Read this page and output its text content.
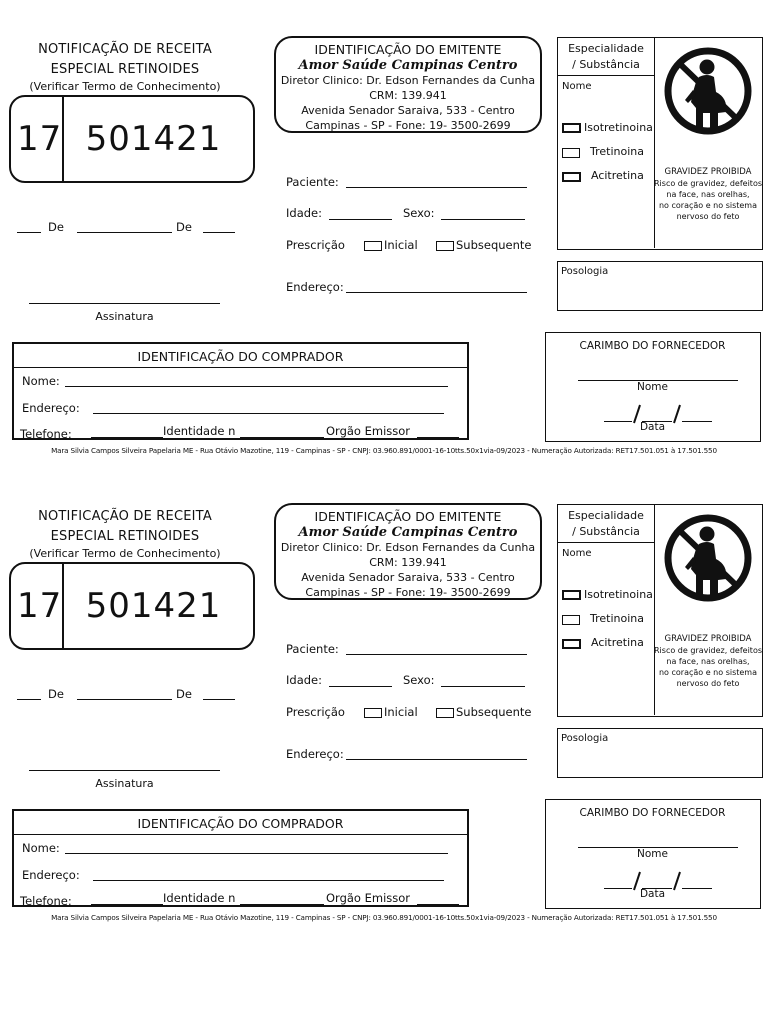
NOTIFICAÇÃO DE RECEITA
ESPECIAL RETINOIDES
(Verificar Termo de Conhecimento)
17 501421
De	De
Assinatura
IDENTIFICAÇÃO DO EMITENTE
Amor Saúde Campinas Centro
Diretor Clinico: Dr. Edson Fernandes da Cunha
CRM: 139.941
Avenida Senador Saraiva, 533 - Centro
Campinas - SP - Fone: 19- 3500-2699
Paciente:
Idade:	Sexo:
Prescrição	Inicial	Subsequente
Endereço:
Especialidade
/ Substância
Nome
Isotretinoina
Tretinoina
Acitretina	GRAVIDEZ PROIBIDA
Risco de gravidez, defeitos
na face, nas orelhas,
no coração e no sistema
nervoso do feto
Posologia
CARIMBO DO FORNECEDOR
Nome
Data
IDENTIFICAÇÃO DO COMPRADOR
Nome:
Endereço:
Telefone:	Identidade n	Orgão Emissor
Mara Silvia Campos Silveira Papelaria ME - Rua Otávio Mazotine, 119 - Campinas - SP - CNPJ: 03.960.891/0001-16-10tts.50x1via-09/2023 - Numeração Autorizada: RET17.501.051 à 17.501.550
NOTIFICAÇÃO DE RECEITA
ESPECIAL RETINOIDES
(Verificar Termo de Conhecimento)
17 501421
De	De
Assinatura
IDENTIFICAÇÃO DO EMITENTE
Amor Saúde Campinas Centro
Diretor Clinico: Dr. Edson Fernandes da Cunha
CRM: 139.941
Avenida Senador Saraiva, 533 - Centro
Campinas - SP - Fone: 19- 3500-2699
Paciente:
Idade:	Sexo:
Prescrição	Inicial	Subsequente
Endereço:
Especialidade
/ Substância
Nome
Isotretinoina
Tretinoina
Acitretina	GRAVIDEZ PROIBIDA
Risco de gravidez, defeitos
na face, nas orelhas,
no coração e no sistema
nervoso do feto
Posologia
CARIMBO DO FORNECEDOR
Nome
Data
IDENTIFICAÇÃO DO COMPRADOR
Nome:
Endereço:
Telefone:	Identidade n	Orgão Emissor
Mara Silvia Campos Silveira Papelaria ME - Rua Otávio Mazotine, 119 - Campinas - SP - CNPJ: 03.960.891/0001-16-10tts.50x1via-09/2023 - Numeração Autorizada: RET17.501.051 à 17.501.550
